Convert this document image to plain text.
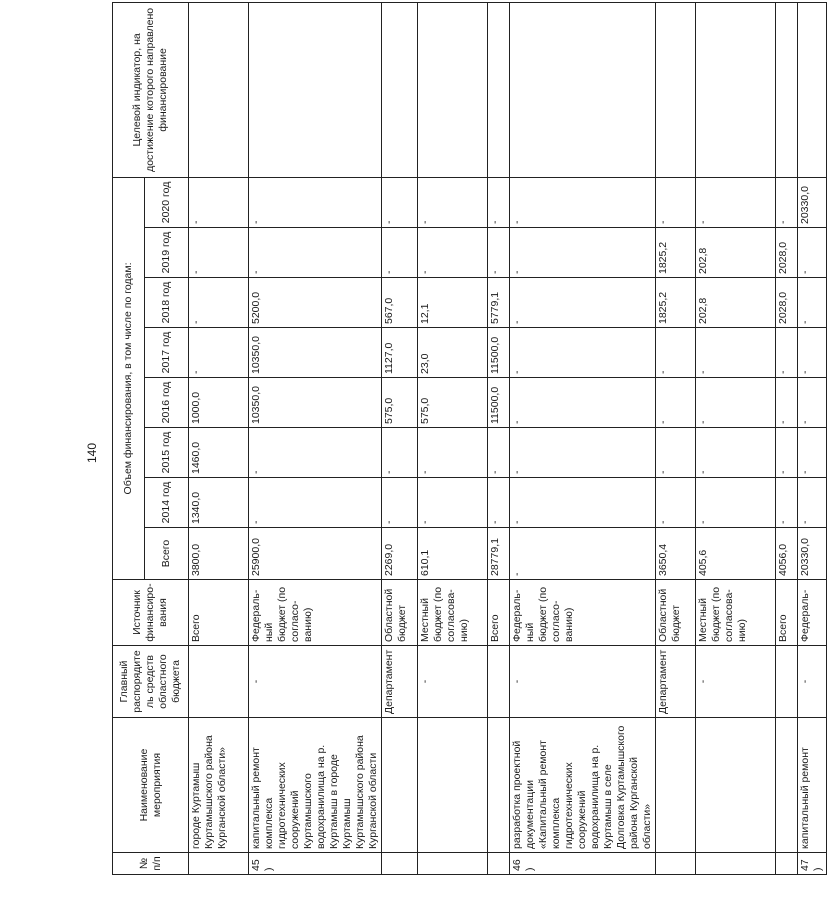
140
№ п/п	Наименование мероприятия	Главный распорядитель средств областного бюджета	Источник финансиро-вания	Объем финансирования, в том числе по годам:								Целевой индикатор, на достижение которого направлено финансирование
				Всего	2014 год	2015 год	2016 год	2017 год	2018 год	2019 год	2020 год	
	городе Куртамыш Куртамышского района Курганской области»		Всего	3800,0	1340,0	1460,0	1000,0	-	-	-	-	
45)	капитальный ремонт комплекса гидротехнических сооружений Куртамышского водохранилища на р. Куртамыш в городе Куртамыш Куртамышского района Курганской области	-	Федераль-ный бюджет (по согласо-ванию)	25900,0	-	-	10350,0	10350,0	5200,0	-	-	
		Департамент	Областной бюджет	2269,0	-	-	575,0	1127,0	567,0	-	-	
		-	Местный бюджет (по согласова-нию)	610,1	-	-	575,0	23,0	12,1	-	-	
			Всего	28779,1	-	-	11500,0	11500,0	5779,1	-	-	
46)	разработка проектной документации «Капитальный ремонт комплекса гидротехнических сооружений водохранилища на р. Куртамыш в селе Долговка Куртамышского района Курганской области»	-	Федераль-ный бюджет (по согласо-ванию)	-	-	-	-	-	-	-	-	
		Департамент	Областной бюджет	3650,4	-	-	-	-	1825,2	1825,2	-	
		-	Местный бюджет (по согласова-нию)	405,6	-	-	-	-	202,8	202,8	-	
			Всего	4056,0	-	-	-	-	2028,0	2028,0	-	
47)	капитальный ремонт	-	Федераль-	20330,0	-	-	-	-	-	-	20330,0	
